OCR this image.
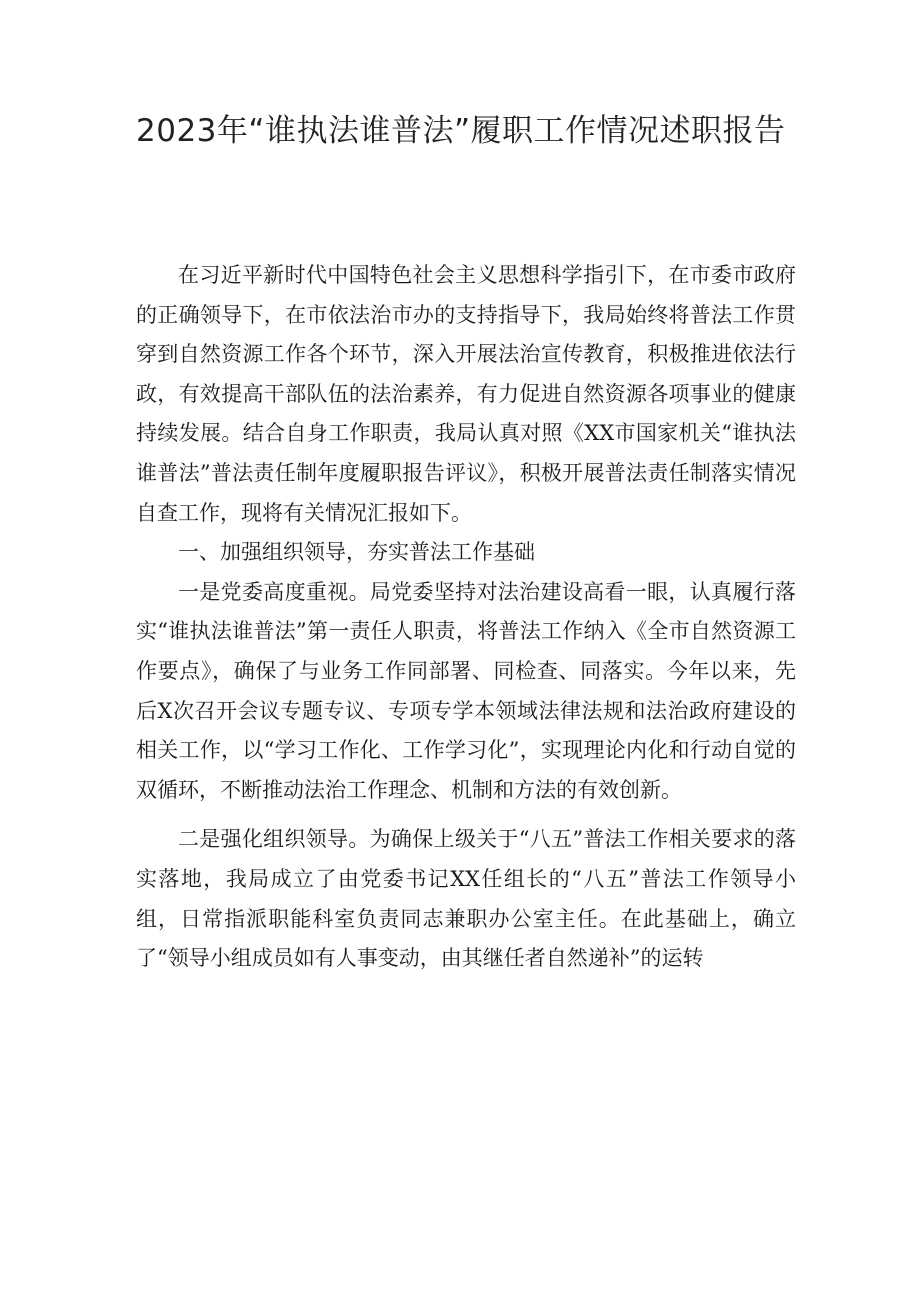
2023年“谁执法谁普法”履职工作情况述职报告

在习近平新时代中国特色社会主义思想科学指引下，在市委市政府的正确领导下，在市依法治市办的支持指导下，我局始终将普法工作贯穿到自然资源工作各个环节，深入开展法治宣传教育，积极推进依法行政，有效提高干部队伍的法治素养，有力促进自然资源各项事业的健康持续发展。结合自身工作职责，我局认真对照《XX市国家机关“谁执法谁普法”普法责任制年度履职报告评议》，积极开展普法责任制落实情况自查工作，现将有关情况汇报如下。

一、加强组织领导，夯实普法工作基础

一是党委高度重视。局党委坚持对法治建设高看一眼，认真履行落实“谁执法谁普法”第一责任人职责，将普法工作纳入《全市自然资源工作要点》，确保了与业务工作同部署、同检查、同落实。今年以来，先后X次召开会议专题专议、专项专学本领域法律法规和法治政府建设的相关工作，以“学习工作化、工作学习化”，实现理论内化和行动自觉的双循环，不断推动法治工作理念、机制和方法的有效创新。

二是强化组织领导。为确保上级关于“八五”普法工作相关要求的落实落地，我局成立了由党委书记XX任组长的“八五”普法工作领导小组，日常指派职能科室负责同志兼职办公室主任。在此基础上，确立了“领导小组成员如有人事变动，由其继任者自然递补”的运转
